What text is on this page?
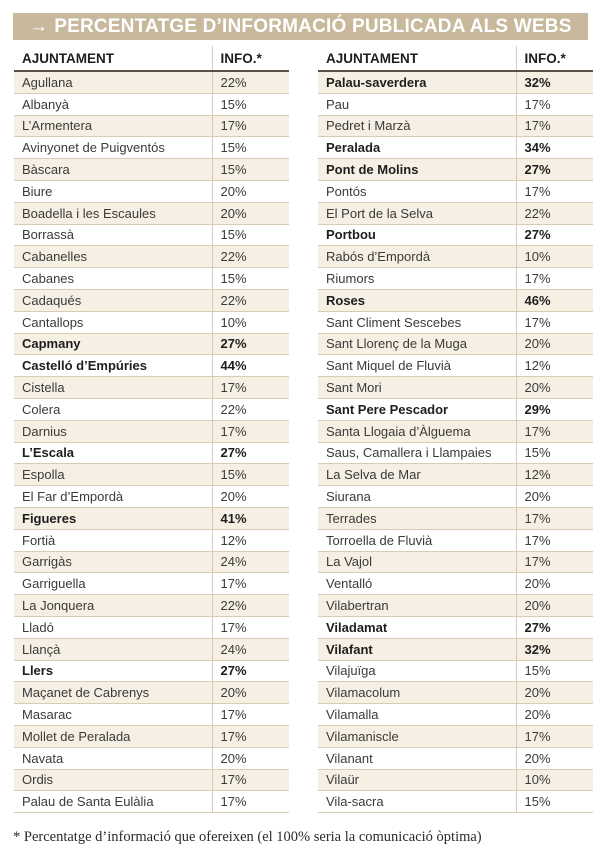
→ PERCENTATGE D’INFORMACIÓ PUBLICADA ALS WEBS
AJUNTAMENT	INFO.*
Agullana	22%
Albanyà	15%
L’Armentera	17%
Avinyonet de Puigventós	15%
Bàscara	15%
Biure	20%
Boadella i les Escaules	20%
Borrassà	15%
Cabanelles	22%
Cabanes	15%
Cadaqués	22%
Cantallops	10%
Capmany	27%
Castelló d’Empúries	44%
Cistella	17%
Colera	22%
Darnius	17%
L’Escala	27%
Espolla	15%
El Far d’Empordà	20%
Figueres	41%
Fortià	12%
Garrigàs	24%
Garriguella	17%
La Jonquera	22%
Lladó	17%
Llançà	24%
Llers	27%
Maçanet de Cabrenys	20%
Masarac	17%
Mollet de Peralada	17%
Navata	20%
Ordis	17%
Palau de Santa Eulàlia	17%
AJUNTAMENT	INFO.*
Palau-saverdera	32%
Pau	17%
Pedret i Marzà	17%
Peralada	34%
Pont de Molins	27%
Pontós	17%
El Port de la Selva	22%
Portbou	27%
Rabós d’Empordà	10%
Riumors	17%
Roses	46%
Sant Climent Sescebes	17%
Sant Llorenç de la Muga	20%
Sant Miquel de Fluvià	12%
Sant Mori	20%
Sant Pere Pescador	29%
Santa Llogaia d’Àlguema	17%
Saus, Camallera i Llampaies	15%
La Selva de Mar	12%
Siurana	20%
Terrades	17%
Torroella de Fluvià	17%
La Vajol	17%
Ventalló	20%
Vilabertran	20%
Viladamat	27%
Vilafant	32%
Vilajuïga	15%
Vilamacolum	20%
Vilamalla	20%
Vilamaniscle	17%
Vilanant	20%
Vilaür	10%
Vila-sacra	15%
* Percentatge d’informació que ofereixen (el 100% seria la comunicació òptima)
